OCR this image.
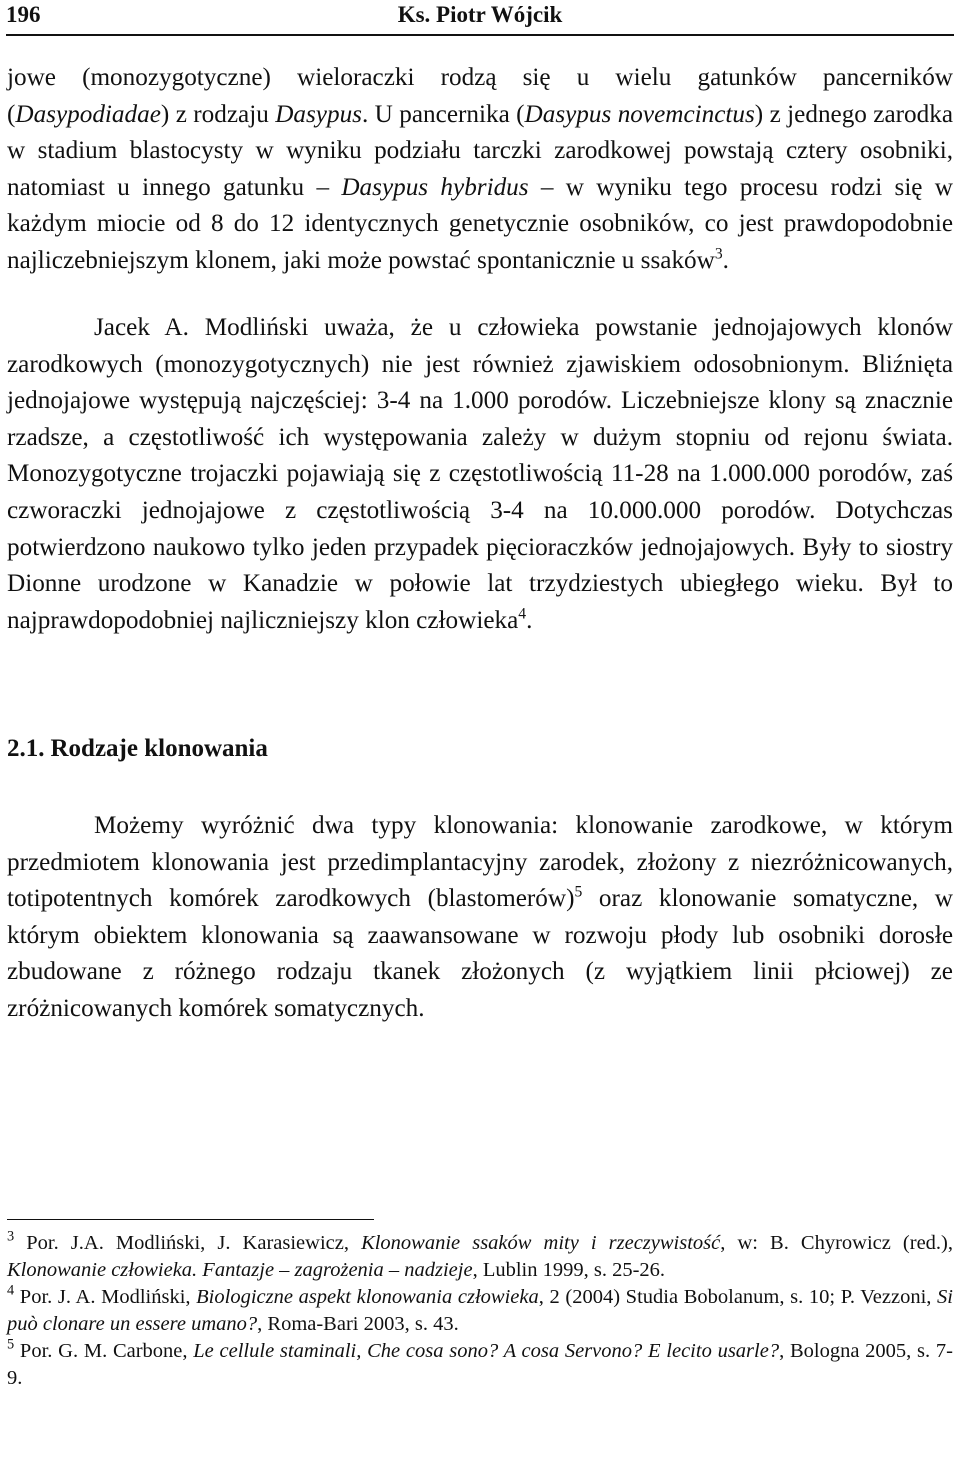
196	Ks. Piotr Wójcik
jowe (monozygotyczne) wieloraczki rodzą się u wielu gatunków pancerników (Dasypodiadae) z rodzaju Dasypus. U pancernika (Dasypus novemcinctus) z jednego zarodka w stadium blastocysty w wyniku podziału tarczki zarodkowej powstają cztery osobniki, natomiast u innego gatunku – Dasypus hybridus – w wyniku tego procesu rodzi się w każdym miocie od 8 do 12 identycznych genetycznie osobników, co jest prawdopodobnie najliczebniejszym klonem, jaki może powstać spontanicznie u ssaków$^3$.
Jacek A. Modliński uważa, że u człowieka powstanie jednojajowych klonów zarodkowych (monozygotycznych) nie jest również zjawiskiem odosobnionym. Bliźnięta jednojajowe występują najczęściej: 3-4 na 1.000 porodów. Liczebniejsze klony są znacznie rzadsze, a częstotliwość ich występowania zależy w dużym stopniu od rejonu świata. Monozygotyczne trojaczki pojawiają się z częstotliwością 11-28 na 1.000.000 porodów, zaś czworaczki jednojajowe z częstotliwością 3-4 na 10.000.000 porodów. Dotychczas potwierdzono naukowo tylko jeden przypadek pięcioraczków jednojajowych. Były to siostry Dionne urodzone w Kanadzie w połowie lat trzydziestych ubiegłego wieku. Był to najprawdopodobniej najliczniejszy klon człowieka$^4$.
2.1. Rodzaje klonowania
Możemy wyróżnić dwa typy klonowania: klonowanie zarodkowe, w którym przedmiotem klonowania jest przedimplantacyjny zarodek, złożony z niezróżnicowanych, totipotentnych komórek zarodkowych (blastomerów)$^5$ oraz klonowanie somatyczne, w którym obiektem klonowania są zaawansowane w rozwoju płody lub osobniki dorosłe zbudowane z różnego rodzaju tkanek złożonych (z wyjątkiem linii płciowej) ze zróżnicowanych komórek somatycznych.

$^3$ Por. J.A. Modliński, J. Karasiewicz, Klonowanie ssaków mity i rzeczywistość, w: B. Chyrowicz (red.), Klonowanie człowieka. Fantazje – zagrożenia – nadzieje, Lublin 1999, s. 25-26.

$^4$ Por. J. A. Modliński, Biologiczne aspekt klonowania człowieka, 2 (2004) Studia Bobolanum, s. 10; P. Vezzoni, Si può clonare un essere umano?, Roma-Bari 2003, s. 43.

$^5$ Por. G. M. Carbone, Le cellule staminali, Che cosa sono? A cosa Servono? E lecito usarle?, Bologna 2005, s. 7-9.
